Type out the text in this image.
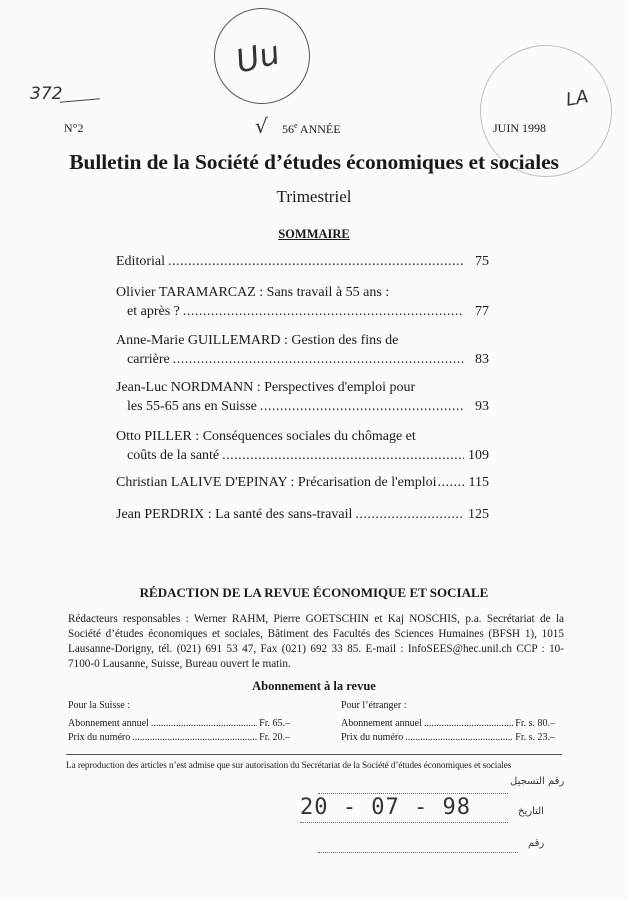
Uu
372	LA
N°2	√ 56e ANNÉE	JUIN 1998
Bulletin de la Société d’études économiques et sociales
Trimestriel
SOMMAIRE
Editorial .....	75
Olivier TARAMARCAZ : Sans travail à 55 ans :
et après ? .....	77
Anne-Marie GUILLEMARD : Gestion des fins de
carrière .....	83
Jean-Luc NORDMANN : Perspectives d'emploi pour
les 55-65 ans en Suisse .....	93
Otto PILLER : Conséquences sociales du chômage et
coûts de la santé .....	109
Christian LALIVE D'EPINAY : Précarisation de l'emploi ..... 115
Jean PERDRIX : La santé des sans-travail .....	125
RÉDACTION DE LA REVUE ÉCONOMIQUE ET SOCIALE
Rédacteurs responsables : Werner RAHM, Pierre GOETSCHIN et Kaj NOSCHIS, p.a. Secrétariat de la Société d’études économiques et sociales, Bâtiment des Facultés des Sciences Humaines (BFSH 1), 1015 Lausanne-Dorigny, tél. (021) 691 53 47, Fax (021) 692 33 85. E-mail : InfoSEES@hec.unil.ch CCP : 10-7100-0 Lausanne, Suisse, Bureau ouvert le matin.
Abonnement à la revue
Pour la Suisse :
Abonnement annuel .....	Fr. 65.–
Prix du numéro .....	Fr. 20.–
Pour l’étranger :
Abonnement annuel .....	Fr. s. 80.–
Prix du numéro .....	Fr. s. 23.–
La reproduction des articles n’est admise que sur autorisation du Secrétariat de la Société d’études économiques et sociales
رقم التسجيل
20 - 07 - 98	التاريخ
رقم
